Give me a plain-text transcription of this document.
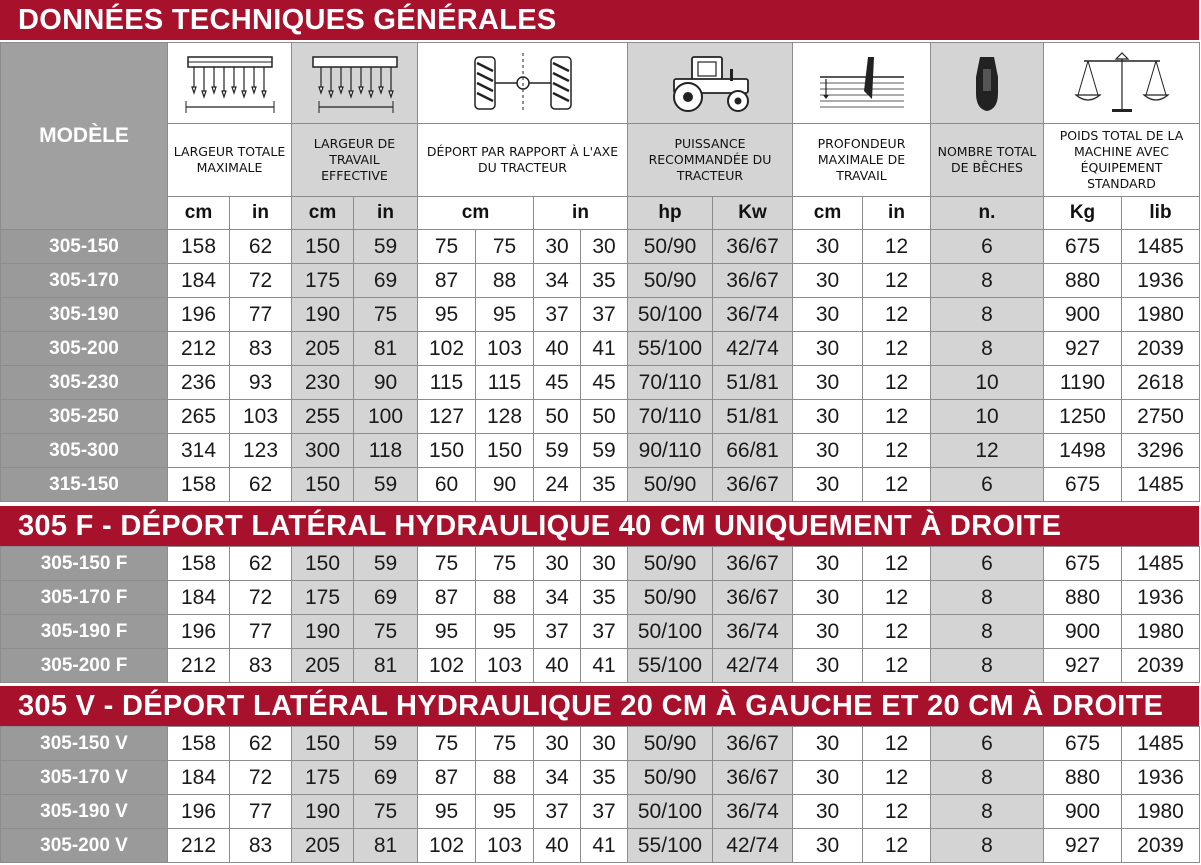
DONNÉES TECHNIQUES GÉNÉRALES
MODÈLE	

	LARGEUR TOTALE MAXIMALE		LARGEUR DE TRAVAIL EFFECTIVE		DÉPORT PAR RAPPORT À L'AXE DU TRACTEUR		PUISSANCE RECOMMANDÉE DU TRACTEUR		PROFONDEUR MAXIMALE DE TRAVAIL		NOMBRE TOTAL DE BÊCHES	POIDS TOTAL DE LA MACHINE AVEC ÉQUIPEMENT STANDARD	

	cm	in	cm	in	cm	in	hp	Kw	cm	in	n.	Kg	lib
305-150	158	62	150	59	75	75	30	30	50/90	36/67	30	12	6	675	1485
305-170	184	72	175	69	87	88	34	35	50/90	36/67	30	12	8	880	1936
305-190	196	77	190	75	95	95	37	37	50/100	36/74	30	12	8	900	1980
305-200	212	83	205	81	102	103	40	41	55/100	42/74	30	12	8	927	2039
305-230	236	93	230	90	115	115	45	45	70/110	51/81	30	12	10	1190	2618
305-250	265	103	255	100	127	128	50	50	70/110	51/81	30	12	10	1250	2750
305-300	314	123	300	118	150	150	59	59	90/110	66/81	30	12	12	1498	3296
315-150	158	62	150	59	60	90	24	35	50/90	36/67	30	12	6	675	1485
305 F - DÉPORT LATÉRAL HYDRAULIQUE 40 CM UNIQUEMENT À DROITE
305-150 F	158	62	150	59	75	75	30	30	50/90	36/67	30	12	6	675	1485
305-170 F	184	72	175	69	87	88	34	35	50/90	36/67	30	12	8	880	1936
305-190 F	196	77	190	75	95	95	37	37	50/100	36/74	30	12	8	900	1980
305-200 F	212	83	205	81	102	103	40	41	55/100	42/74	30	12	8	927	2039
305 V - DÉPORT LATÉRAL HYDRAULIQUE 20 CM À GAUCHE ET 20 CM À DROITE
305-150 V	158	62	150	59	75	75	30	30	50/90	36/67	30	12	6	675	1485
305-170 V	184	72	175	69	87	88	34	35	50/90	36/67	30	12	8	880	1936
305-190 V	196	77	190	75	95	95	37	37	50/100	36/74	30	12	8	900	1980
305-200 V	212	83	205	81	102	103	40	41	55/100	42/74	30	12	8	927	2039
